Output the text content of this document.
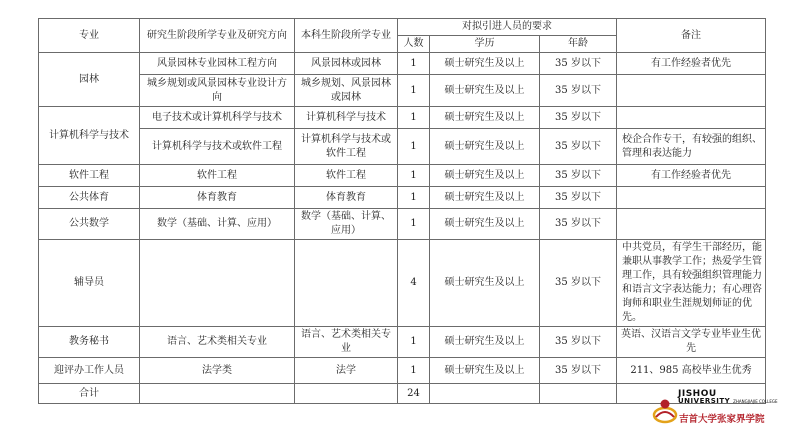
专业	研究生阶段所学专业及研究方向	本科生阶段所学专业	对拟引进人员的要求			备注
			人数	学历	年龄	
园林	风景园林专业园林工程方向	风景园林或园林	1	硕士研究生及以上	35 岁以下	有工作经验者优先
	城乡规划或风景园林专业设计方向	城乡规划、风景园林或园林	1	硕士研究生及以上	35 岁以下	
计算机科学与技术	电子技术或计算机科学与技术	计算机科学与技术	1	硕士研究生及以上	35 岁以下	
	计算机科学与技术或软件工程	计算机科学与技术或软件工程	1	硕士研究生及以上	35 岁以下	校企合作专干，有较强的组织、管理和表达能力
软件工程	软件工程	软件工程	1	硕士研究生及以上	35 岁以下	有工作经验者优先
公共体育	体育教育	体育教育	1	硕士研究生及以上	35 岁以下	
公共数学	数学（基础、计算、应用）	数学（基础、计算、应用）	1	硕士研究生及以上	35 岁以下	
辅导员			4	硕士研究生及以上	35 岁以下	中共党员，有学生干部经历，能兼职从事教学工作；热爱学生管理工作，具有较强组织管理能力和语言文字表达能力；有心理咨询师和职业生涯规划师证的优先。
教务秘书	语言、艺术类相关专业	语言、艺术类相关专业	1	硕士研究生及以上	35 岁以下	英语、汉语言文学专业毕业生优先
迎评办工作人员	法学类	法学	1	硕士研究生及以上	35 岁以下	211、985 高校毕业生优秀
合计			24				JISHOU
UNIVERSITY ZHANGJIAJIE COLLEGE
吉首大学张家界学院
